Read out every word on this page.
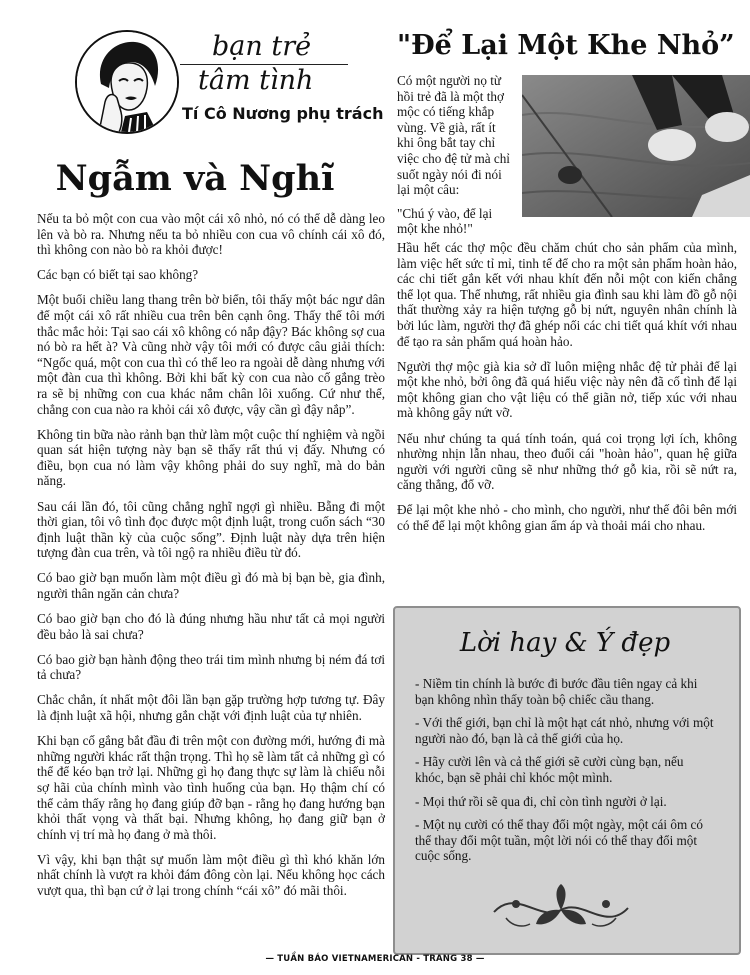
bạn trẻ
tâm tình
Tí Cô Nương phụ trách
Ngẫm và Nghĩ

Nếu ta bỏ một con cua vào một cái xô nhỏ, nó có thể dễ dàng leo lên và bò ra. Nhưng nếu ta bỏ nhiều con cua vô chính cái xô đó, thì không con nào bò ra khỏi được!

Các bạn có biết tại sao không?

Một buổi chiều lang thang trên bờ biển, tôi thấy một bác ngư dân để một cái xô rất nhiều cua trên bên cạnh ông. Thấy thế tôi mới thắc mắc hỏi: Tại sao cái xô không có nắp đậy? Bác không sợ cua nó bò ra hết à? Và cũng nhờ vậy tôi mới có được câu giải thích: “Ngốc quá, một con cua thì có thể leo ra ngoài dễ dàng nhưng với một đàn cua thì không. Bởi khi bất kỳ con cua nào cố gắng trèo ra sẽ bị những con cua khác nắm chân lôi xuống. Cứ như thế, chẳng con cua nào ra khỏi cái xô được, vậy cần gì đậy nắp”.

Không tin bữa nào rảnh bạn thử làm một cuộc thí nghiệm và ngồi quan sát hiện tượng này bạn sẽ thấy rất thú vị đấy. Nhưng có điều, bọn cua nó làm vậy không phải do suy nghĩ, mà do bản năng.

Sau cái lần đó, tôi cũng chẳng nghĩ ngợi gì nhiều. Bẵng đi một thời gian, tôi vô tình đọc được một định luật, trong cuốn sách “30 định luật thần kỳ của cuộc sống”. Định luật này dựa trên hiện tượng đàn cua trên, và tôi ngộ ra nhiều điều từ đó.

Có bao giờ bạn muốn làm một điều gì đó mà bị bạn bè, gia đình, người thân ngăn cản chưa?

Có bao giờ bạn cho đó là đúng nhưng hầu như tất cả mọi người đều bảo là sai chưa?

Có bao giờ bạn hành động theo trái tim mình nhưng bị ném đá tơi tả chưa?

Chắc chắn, ít nhất một đôi lần bạn gặp trường hợp tương tự. Đây là định luật xã hội, nhưng gắn chặt với định luật của tự nhiên.

Khi bạn cố gắng bắt đầu đi trên một con đường mới, hướng đi mà những người khác rất thận trọng. Thì họ sẽ làm tất cả những gì có thể để kéo bạn trở lại. Những gì họ đang thực sự làm là chiếu nỗi sợ hãi của chính mình vào tình huống của bạn. Họ thậm chí có thể cảm thấy rằng họ đang giúp đỡ bạn - rằng họ đang hướng bạn khỏi thất vọng và thất bại. Nhưng không, họ đang giữ bạn ở chính vị trí mà họ đang ở mà thôi.

Vì vậy, khi bạn thật sự muốn làm một điều gì thì khó khăn lớn nhất chính là vượt ra khỏi đám đông còn lại. Nếu không học cách vượt qua, thì bạn cứ ở lại trong chính “cái xô” đó mãi thôi.

"Để Lại Một Khe Nhỏ”
Có một người nọ từ
hồi trẻ đã là một thợ
mộc có tiếng khắp
vùng. Về già, rất ít
khi ông bắt tay chỉ
việc cho đệ tử mà chỉ
suốt ngày nói đi nói
lại một câu:
"Chú ý vào, để lại một khe nhỏ!"

Hầu hết các thợ mộc đều chăm chút cho sản phẩm của mình, làm việc hết sức tỉ mỉ, tinh tế để cho ra một sản phẩm hoàn hảo, các chi tiết gắn kết với nhau khít đến nỗi một con kiến chẳng thể lọt qua. Thế nhưng, rất nhiều gia đình sau khi làm đồ gỗ nội thất thường xảy ra hiện tượng gỗ bị nứt, nguyên nhân chính là bởi lúc làm, người thợ đã ghép nối các chi tiết quá khít với nhau để tạo ra sản phẩm quá hoàn hảo.

Người thợ mộc già kia sở dĩ luôn miệng nhắc đệ tử phải để lại một khe nhỏ, bởi ông đã quá hiểu việc này nên đã cố tình để lại một không gian cho vật liệu có thể giãn nở, tiếp xúc với nhau mà không gây nứt vỡ.

Nếu như chúng ta quá tính toán, quá coi trọng lợi ích, không nhường nhịn lẫn nhau, theo đuổi cái "hoàn hảo", quan hệ giữa người với người cũng sẽ như những thớ gỗ kia, rồi sẽ nứt ra, căng thẳng, đổ vỡ.

Để lại một khe nhỏ - cho mình, cho người, như thế đôi bên mới có thể để lại một không gian ấm áp và thoải mái cho nhau.

Lời hay & Ý đẹp

- Niềm tin chính là bước đi bước đầu tiên ngay cả khi bạn không nhìn thấy toàn bộ chiếc cầu thang.

- Với thế giới, bạn chỉ là một hạt cát nhỏ, nhưng với một người nào đó, bạn là cả thế giới của họ.

- Hãy cười lên và cả thế giới sẽ cười cùng bạn, nếu khóc, bạn sẽ phải chỉ khóc một mình.

- Mọi thứ rồi sẽ qua đi, chỉ còn tình người ở lại.

- Một nụ cười có thể thay đổi một ngày, một cái ôm có thể thay đổi một tuần, một lời nói có thể thay đổi một cuộc sống.

— TUẦN BÁO VIETNAMERICAN - TRANG 38 —
